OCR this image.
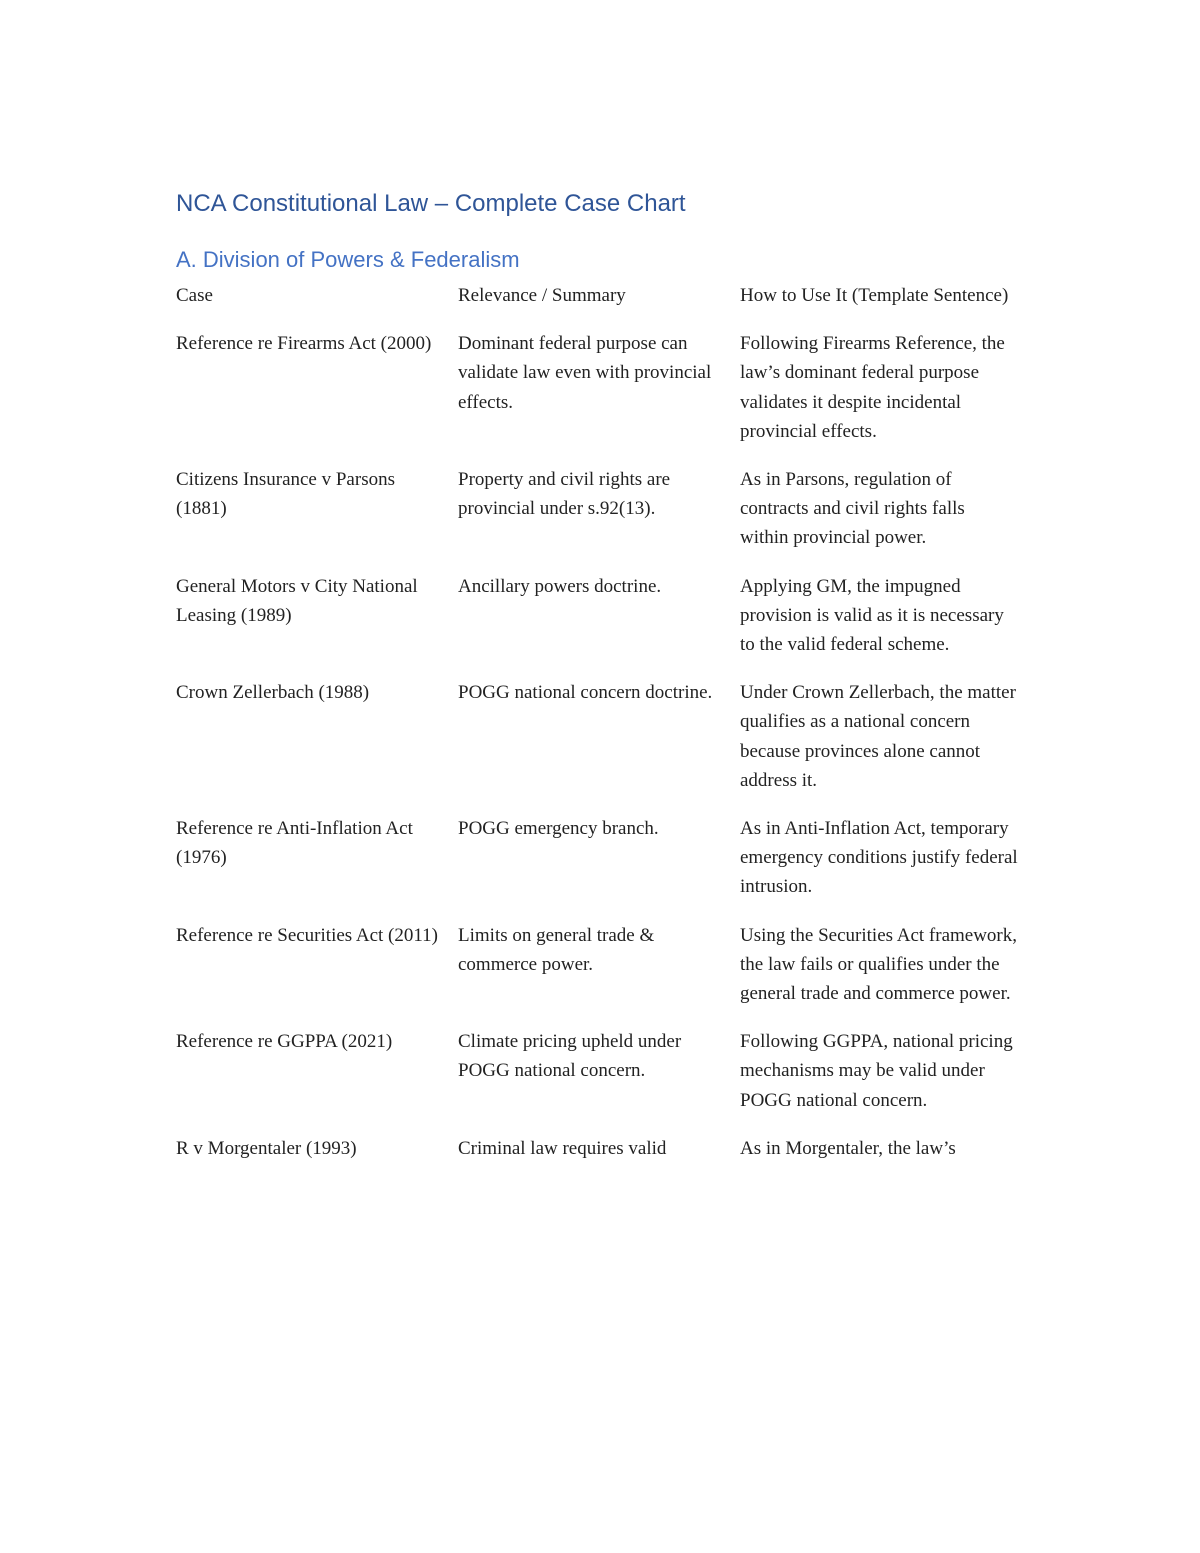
NCA Constitutional Law – Complete Case Chart
A. Division of Powers & Federalism
Case	Relevance / Summary	How to Use It (Template Sentence)
Reference re Firearms Act (2000)	Dominant federal purpose can validate law even with provincial effects.	Following Firearms Reference, the law’s dominant federal purpose validates it despite incidental provincial effects.
Citizens Insurance v Parsons (1881)	Property and civil rights are provincial under s.92(13).	As in Parsons, regulation of contracts and civil rights falls within provincial power.
General Motors v City National Leasing (1989)	Ancillary powers doctrine.	Applying GM, the impugned provision is valid as it is necessary to the valid federal scheme.
Crown Zellerbach (1988)	POGG national concern doctrine.	Under Crown Zellerbach, the matter qualifies as a national concern because provinces alone cannot address it.
Reference re Anti-Inflation Act (1976)	POGG emergency branch.	As in Anti-Inflation Act, temporary emergency conditions justify federal intrusion.
Reference re Securities Act (2011)	Limits on general trade & commerce power.	Using the Securities Act framework, the law fails or qualifies under the general trade and commerce power.
Reference re GGPPA (2021)	Climate pricing upheld under POGG national concern.	Following GGPPA, national pricing mechanisms may be valid under POGG national concern.
R v Morgentaler (1993)	Criminal law requires valid	As in Morgentaler, the law’s
